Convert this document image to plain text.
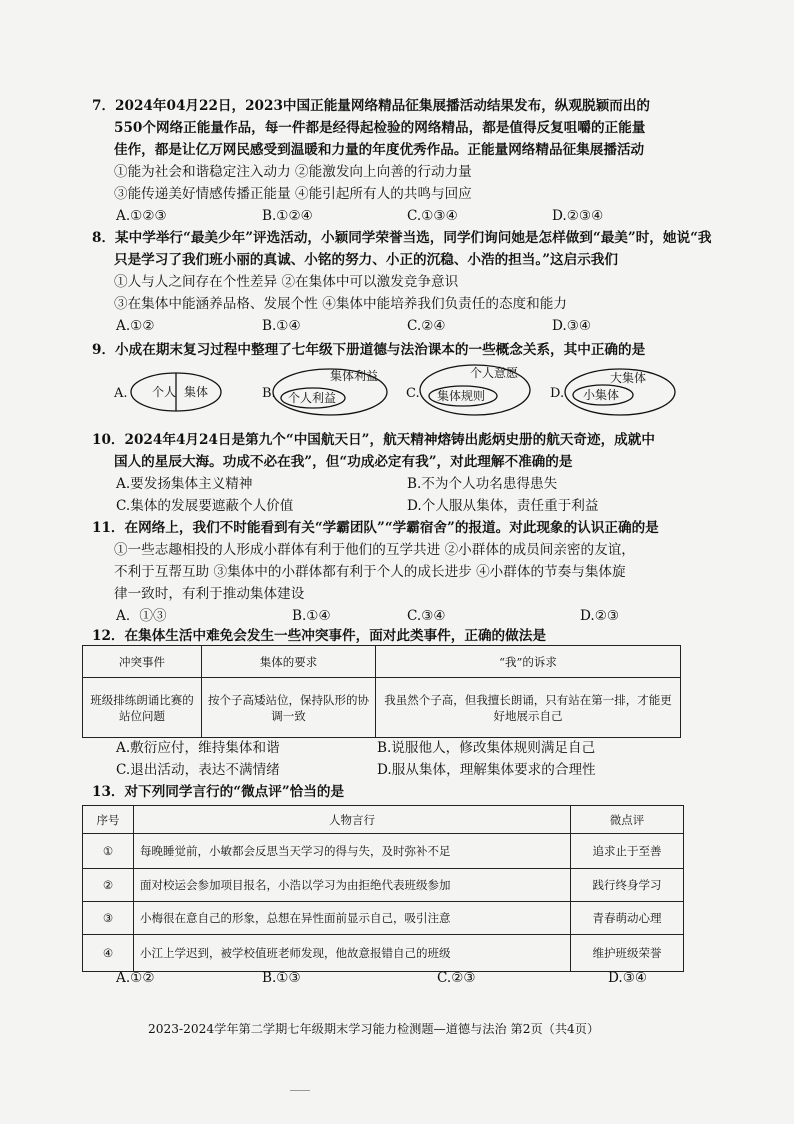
7．2024年04月22日，2023中国正能量网络精品征集展播活动结果发布，纵观脱颖而出的
550个网络正能量作品，每一件都是经得起检验的网络精品，都是值得反复咀嚼的正能量
佳作，都是让亿万网民感受到温暖和力量的年度优秀作品。正能量网络精品征集展播活动
①能为社会和谐稳定注入动力 ②能激发向上向善的行动力量
③能传递美好情感传播正能量 ④能引起所有人的共鸣与回应
A.①②③	B.①②④	C.①③④	D.②③④
8．某中学举行“最美少年”评选活动，小颖同学荣誉当选，同学们询问她是怎样做到“最美”时，她说“我
只是学习了我们班小丽的真诚、小铭的努力、小正的沉稳、小浩的担当。”这启示我们
①人与人之间存在个性差异 ②在集体中可以激发竞争意识
③在集体中能涵养品格、发展个性 ④集体中能培养我们负责任的态度和能力
A.①②	B.①④	C.②④	D.③④
9．小成在期末复习过程中整理了七年级下册道德与法治课本的一些概念关系，其中正确的是
A. 个人 集体	B.
集体利益
个人利益	C.
个人意愿
集体规则	D.
大集体
小集体
10．2024年4月24日是第九个“中国航天日”，航天精神熔铸出彪炳史册的航天奇迹，成就中
国人的星辰大海。功成不必在我”，但“功成必定有我”，对此理解不准确的是
A.要发扬集体主义精神	B.不为个人功名患得患失
C.集体的发展要遮蔽个人价值	D.个人服从集体，责任重于利益
11．在网络上，我们不时能看到有关“学霸团队”“学霸宿舍”的报道。对此现象的认识正确的是
①一些志趣相投的人形成小群体有利于他们的互学共进 ②小群体的成员间亲密的友谊，
不利于互帮互助 ③集体中的小群体都有利于个人的成长进步 ④小群体的节奏与集体旋
律一致时，有利于推动集体建设
A．①③	B.①④	C.③④	D.②③
12．在集体生活中难免会发生一些冲突事件，面对此类事件，正确的做法是
冲突事件	集体的要求	“我”的诉求
班级排练朗诵比赛的站位问题	按个子高矮站位，保持队形的协调一致	我虽然个子高，但我擅长朗诵，只有站在第一排，才能更好地展示自己
A.敷衍应付，维持集体和谐	B.说服他人，修改集体规则满足自己
C.退出活动，表达不满情绪	D.服从集体，理解集体要求的合理性
13．对下列同学言行的“微点评”恰当的是
序号	人物言行	微点评
①	每晚睡觉前，小敏都会反思当天学习的得与失，及时弥补不足	追求止于至善
②	面对校运会参加项目报名，小浩以学习为由拒绝代表班级参加	践行终身学习
③	小梅很在意自己的形象，总想在异性面前显示自己，吸引注意	青春萌动心理
④	小江上学迟到，被学校值班老师发现，他故意报错自己的班级	维护班级荣誉
A.①②	B.①③	C.②③	D.③④
2023-2024学年第二学期七年级期末学习能力检测题—道德与法治 第2页（共4页）
